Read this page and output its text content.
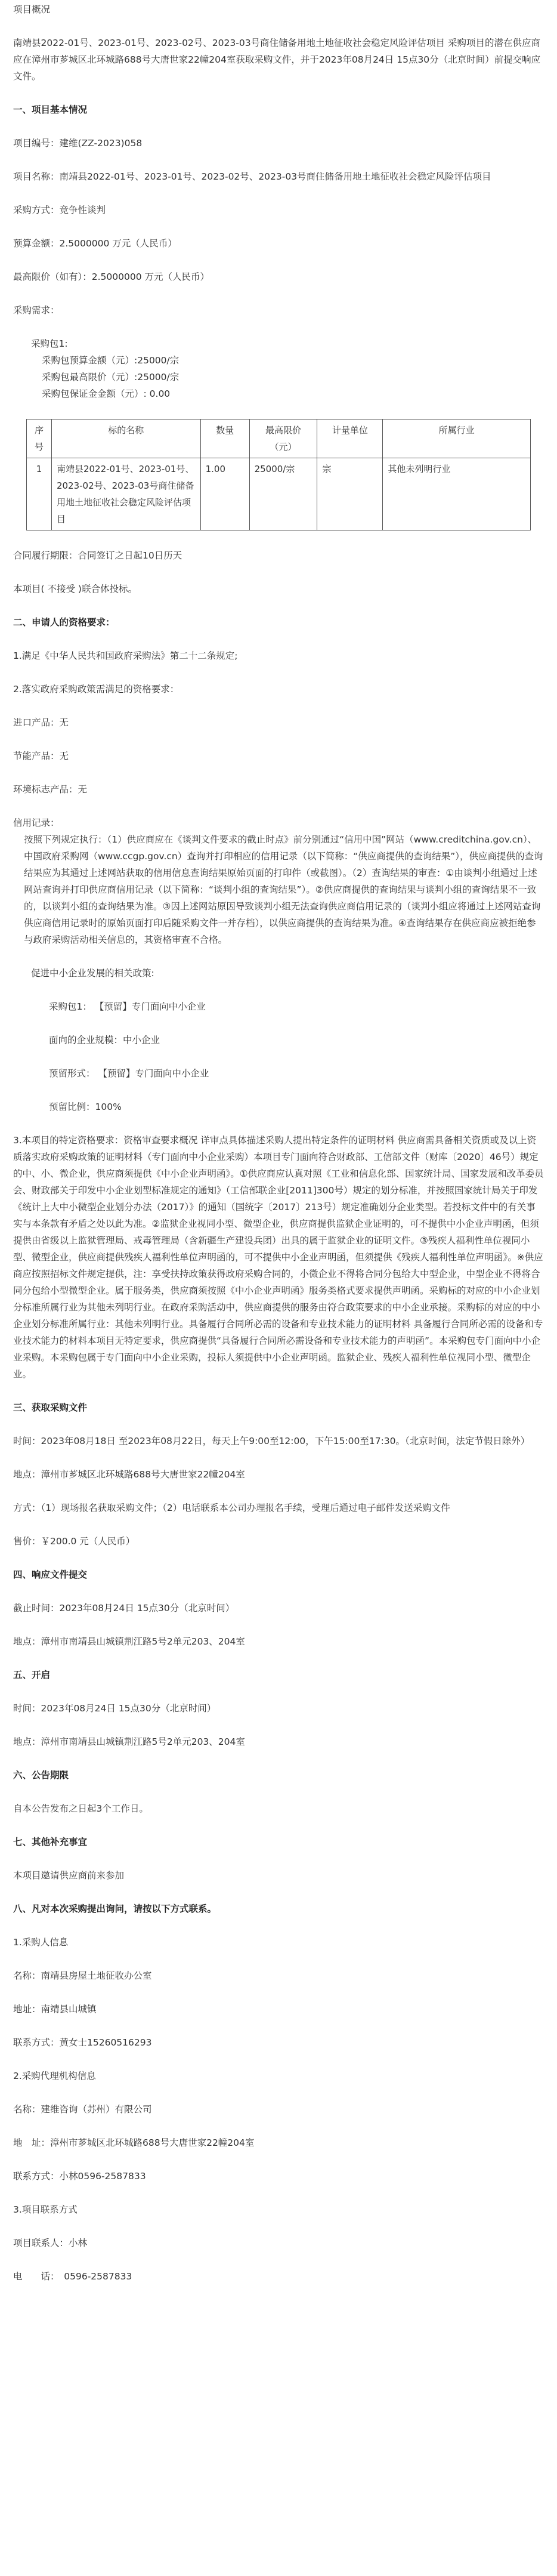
项目概况

南靖县2022-01号、2023-01号、2023-02号、2023-03号商住储备用地土地征收社会稳定风险评估项目 采购项目的潜在供应商应在漳州市芗城区北环城路688号大唐世家22幢204室获取采购文件，并于2023年08月24日 15点30分（北京时间）前提交响应文件。

一、项目基本情况

项目编号：建维(ZZ-2023)058

项目名称：南靖县2022-01号、2023-01号、2023-02号、2023-03号商住储备用地土地征收社会稳定风险评估项目

采购方式：竞争性谈判

预算金额：2.5000000 万元（人民币）

最高限价（如有）：2.5000000 万元（人民币）

采购需求：

采购包1:

采购包预算金额（元）:25000/宗

采购包最高限价（元）:25000/宗

采购包保证金金额（元）: 0.00

序号	标的名称	数量	最高限价（元）	计量单位	所属行业
1	南靖县2022-01号、2023-01号、2023-02号、2023-03号商住储备用地土地征收社会稳定风险评估项目	1.00	25000/宗	宗	其他未列明行业

合同履行期限：合同签订之日起10日历天

本项目( 不接受 )联合体投标。

二、申请人的资格要求：

1.满足《中华人民共和国政府采购法》第二十二条规定;

2.落实政府采购政策需满足的资格要求：

进口产品：无

节能产品：无

环境标志产品：无

信用记录：

按照下列规定执行：（1）供应商应在《谈判文件要求的截止时点》前分别通过“信用中国”网站（www.creditchina.gov.cn）、中国政府采购网（www.ccgp.gov.cn）查询并打印相应的信用记录（以下简称：“供应商提供的查询结果”），供应商提供的查询结果应为其通过上述网站获取的信用信息查询结果原始页面的打印件（或截图）。（2）查询结果的审查：①由谈判小组通过上述网站查询并打印供应商信用记录（以下简称：“谈判小组的查询结果”）。②供应商提供的查询结果与谈判小组的查询结果不一致的，以谈判小组的查询结果为准。③因上述网站原因导致谈判小组无法查询供应商信用记录的（谈判小组应将通过上述网站查询供应商信用记录时的原始页面打印后随采购文件一并存档），以供应商提供的查询结果为准。④查询结果存在供应商应被拒绝参与政府采购活动相关信息的，其资格审查不合格。

促进中小企业发展的相关政策:

采购包1： 【预留】专门面向中小企业

面向的企业规模：中小企业

预留形式： 【预留】专门面向中小企业

预留比例：100%

3.本项目的特定资格要求：资格审查要求概况 详审点具体描述采购人提出特定条件的证明材料 供应商需具备相关资质或及以上资质落实政府采购政策的证明材料（专门面向中小企业采购）本项目专门面向符合财政部、工信部文件（财库〔2020〕46号）规定的中、小、微企业，供应商须提供《中小企业声明函》。①供应商应认真对照《工业和信息化部、国家统计局、国家发展和改革委员会、财政部关于印发中小企业划型标准规定的通知》（工信部联企业[2011]300号）规定的划分标准，并按照国家统计局关于印发《统计上大中小微型企业划分办法（2017）》的通知（国统字〔2017〕213号）规定准确划分企业类型。若投标文件中的有关事实与本条款有矛盾之处以此为准。②监狱企业视同小型、微型企业，供应商提供监狱企业证明的，可不提供中小企业声明函，但须提供由省级以上监狱管理局、戒毒管理局（含新疆生产建设兵团）出具的属于监狱企业的证明文件。③残疾人福利性单位视同小型、微型企业，供应商提供残疾人福利性单位声明函的，可不提供中小企业声明函，但须提供《残疾人福利性单位声明函》。※供应商应按照招标文件规定提供，注：享受扶持政策获得政府采购合同的，小微企业不得将合同分包给大中型企业，中型企业不得将合同分包给小型微型企业。属于服务类，供应商须按照《中小企业声明函》服务类格式要求提供声明函。采购标的对应的中小企业划分标准所属行业为其他未列明行业。在政府采购活动中，供应商提供的服务由符合政策要求的中小企业承接。采购标的对应的中小企业划分标准所属行业：其他未列明行业。具备履行合同所必需的设备和专业技术能力的证明材料 具备履行合同所必需的设备和专业技术能力的材料本项目无特定要求，供应商提供“具备履行合同所必需设备和专业技术能力的声明函”。本采购包专门面向中小企业采购。本采购包属于专门面向中小企业采购，投标人须提供中小企业声明函。监狱企业、残疾人福利性单位视同小型、微型企业。

三、获取采购文件

时间：2023年08月18日 至2023年08月22日，每天上午9:00至12:00，下午15:00至17:30。（北京时间，法定节假日除外）

地点：漳州市芗城区北环城路688号大唐世家22幢204室

方式：（1）现场报名获取采购文件；（2）电话联系本公司办理报名手续，受理后通过电子邮件发送采购文件

售价：￥200.0 元（人民币）

四、响应文件提交

截止时间：2023年08月24日 15点30分（北京时间）

地点：漳州市南靖县山城镇荆江路5号2单元203、204室

五、开启

时间：2023年08月24日 15点30分（北京时间）

地点：漳州市南靖县山城镇荆江路5号2单元203、204室

六、公告期限

自本公告发布之日起3个工作日。

七、其他补充事宜

本项目邀请供应商前来参加

八、凡对本次采购提出询问，请按以下方式联系。

1.采购人信息

名称：南靖县房屋土地征收办公室

地址：南靖县山城镇

联系方式：黄女士15260516293

2.采购代理机构信息

名称：建维咨询（苏州）有限公司

地　址：漳州市芗城区北环城路688号大唐世家22幢204室

联系方式：小林0596-2587833

3.项目联系方式

项目联系人：小林

电　　话：　0596-2587833
